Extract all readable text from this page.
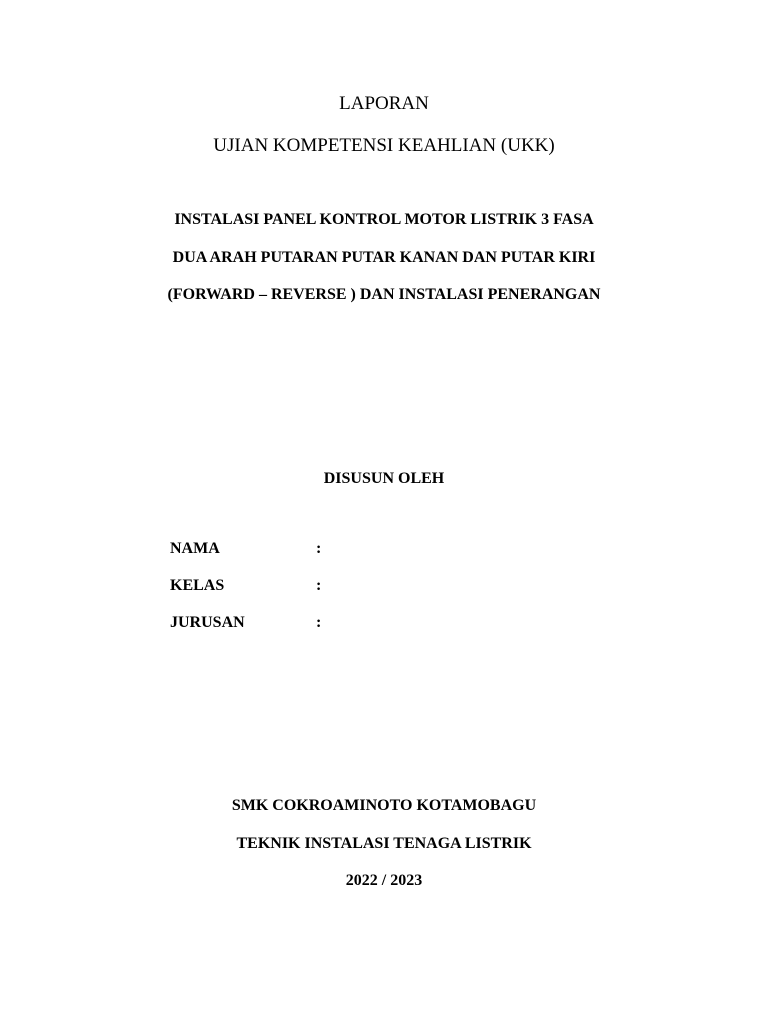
LAPORAN
UJIAN KOMPETENSI KEAHLIAN (UKK)
INSTALASI PANEL KONTROL MOTOR LISTRIK 3 FASA
DUA ARAH PUTARAN PUTAR KANAN DAN PUTAR KIRI
(FORWARD – REVERSE ) DAN INSTALASI PENERANGAN
DISUSUN OLEH
NAMA	:
KELAS	:
JURUSAN	:
SMK COKROAMINOTO KOTAMOBAGU
TEKNIK INSTALASI TENAGA LISTRIK
2022 / 2023
